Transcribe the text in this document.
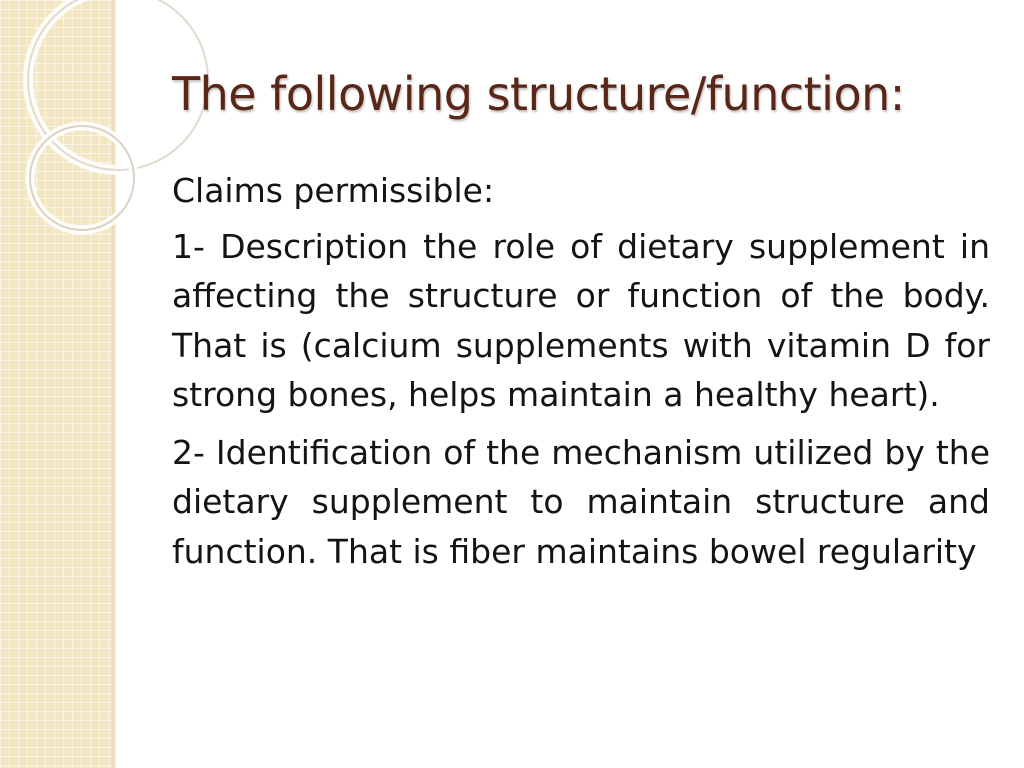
The following structure/function:

Claims permissible:

1- Description the role of dietary supplement in affecting the structure or function of the body. That is (calcium supplements with vitamin D for strong bones, helps maintain a healthy heart).

2- Identification of the mechanism utilized by the dietary supplement to maintain structure and function. That is fiber maintains bowel regularity
